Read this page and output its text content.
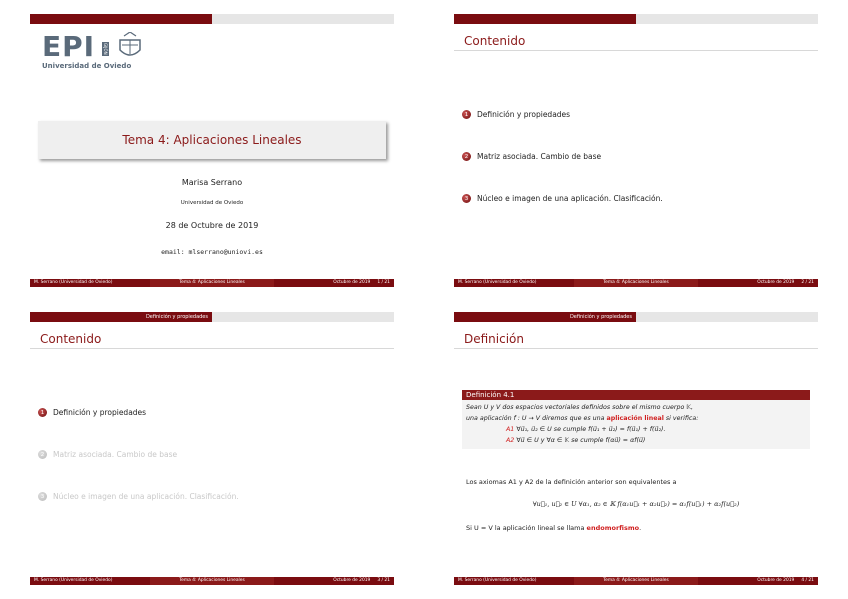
EPI GIJÓN
Universidad de Oviedo
Tema 4: Aplicaciones Lineales
Marisa Serrano
Universidad de Oviedo
28 de Octubre de 2019
email: mlserrano@uniovi.es
M. Serrano (Universidad de Oviedo)	Tema 4: Aplicaciones Lineales	Octubre de 2019 1 / 21
Contenido
1	Definición y propiedades
2	Matriz asociada. Cambio de base
3	Núcleo e imagen de una aplicación. Clasificación.
M. Serrano (Universidad de Oviedo)	Tema 4: Aplicaciones Lineales	Octubre de 2019 2 / 21
Definición y propiedades
Contenido
1	Definición y propiedades
2	Matriz asociada. Cambio de base
3	Núcleo e imagen de una aplicación. Clasificación.
M. Serrano (Universidad de Oviedo)	Tema 4: Aplicaciones Lineales	Octubre de 2019 3 / 21
Definición y propiedades
Definición
Definición 4.1
Sean U y V dos espacios vectoriales definidos sobre el mismo cuerpo 𝕂,
una aplicación f : U → V diremos que es una aplicación lineal si verifica:
A1 ∀u⃗₁, u⃗₂ ∈ U se cumple f(u⃗₁ + u⃗₂) = f(u⃗₁) + f(u⃗₂).
A2 ∀u⃗ ∈ U y ∀α ∈ 𝕂 se cumple f(αu⃗) = αf(u⃗)
Los axiomas A1 y A2 de la definición anterior son equivalentes a
∀u⃗₁, u⃗₂ ∈ U ∀α₁, α₂ ∈ 𝕂 f(α₁u⃗₁ + α₂u⃗₂) = α₁f(u⃗₁) + α₂f(u⃗₂)
Si U = V la aplicación lineal se llama endomorfismo.
M. Serrano (Universidad de Oviedo)	Tema 4: Aplicaciones Lineales	Octubre de 2019 4 / 21
